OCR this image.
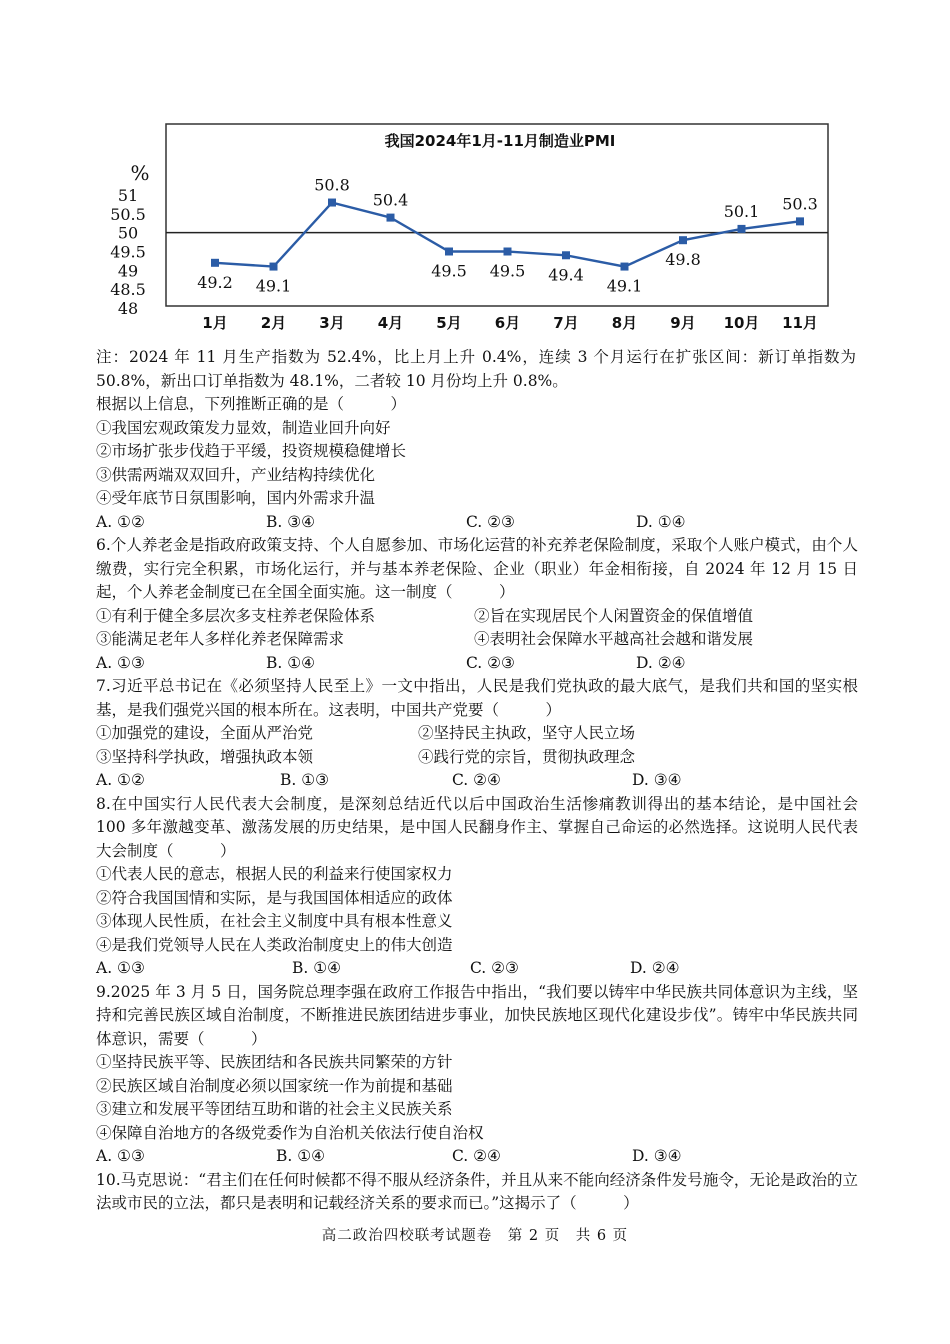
我国2024年1月-11月制造业PMI
%
51
50.5
50
49.5
49
48.5
48
49.2 49.1
50.8
50.4
49.5 49.5 49.4
49.1
49.8
50.1 50.3
1月 2月 3月 4月 5月 6月 7月 8月 9月 10月 11月
注：2024 年 11 月生产指数为 52.4%，比上月上升 0.4%，连续 3 个月运行在扩张区间：新订单指数为 50.8%，新出口订单指数为 48.1%，二者较 10 月份均上升 0.8%。
根据以上信息，下列推断正确的是（　　　）
①我国宏观政策发力显效，制造业回升向好
②市场扩张步伐趋于平缓，投资规模稳健增长
③供需两端双双回升，产业结构持续优化
④受年底节日氛围影响，国内外需求升温
A. ①②	B. ③④	C. ②③	D. ①④
6.个人养老金是指政府政策支持、个人自愿参加、市场化运营的补充养老保险制度，采取个人账户模式，由个人缴费，实行完全积累，市场化运行，并与基本养老保险、企业（职业）年金相衔接，自 2024 年 12 月 15 日起，个人养老金制度已在全国全面实施。这一制度（　　　）
①有利于健全多层次多支柱养老保险体系	②旨在实现居民个人闲置资金的保值增值
③能满足老年人多样化养老保障需求	④表明社会保障水平越高社会越和谐发展
A. ①③	B. ①④	C. ②③	D. ②④
7.习近平总书记在《必须坚持人民至上》一文中指出，人民是我们党执政的最大底气，是我们共和国的坚实根基，是我们强党兴国的根本所在。这表明，中国共产党要（　　　）
①加强党的建设，全面从严治党	②坚持民主执政，坚守人民立场
③坚持科学执政，增强执政本领	④践行党的宗旨，贯彻执政理念
A. ①②	B. ①③	C. ②④	D. ③④
8.在中国实行人民代表大会制度，是深刻总结近代以后中国政治生活惨痛教训得出的基本结论，是中国社会 100 多年激越变革、激荡发展的历史结果，是中国人民翻身作主、掌握自己命运的必然选择。这说明人民代表大会制度（　　　）
①代表人民的意志，根据人民的利益来行使国家权力
②符合我国国情和实际，是与我国国体相适应的政体
③体现人民性质，在社会主义制度中具有根本性意义
④是我们党领导人民在人类政治制度史上的伟大创造
A. ①③	B. ①④	C. ②③	D. ②④
9.2025 年 3 月 5 日，国务院总理李强在政府工作报告中指出，“我们要以铸牢中华民族共同体意识为主线，坚持和完善民族区域自治制度，不断推进民族团结进步事业，加快民族地区现代化建设步伐”。铸牢中华民族共同体意识，需要（　　　）
①坚持民族平等、民族团结和各民族共同繁荣的方针
②民族区域自治制度必须以国家统一作为前提和基础
③建立和发展平等团结互助和谐的社会主义民族关系
④保障自治地方的各级党委作为自治机关依法行使自治权
A. ①③	B. ①④	C. ②④	D. ③④
10.马克思说：“君主们在任何时候都不得不服从经济条件，并且从来不能向经济条件发号施令，无论是政治的立法或市民的立法，都只是表明和记载经济关系的要求而已。”这揭示了（　　　）
高二政治四校联考试题卷　第 2 页　共 6 页
